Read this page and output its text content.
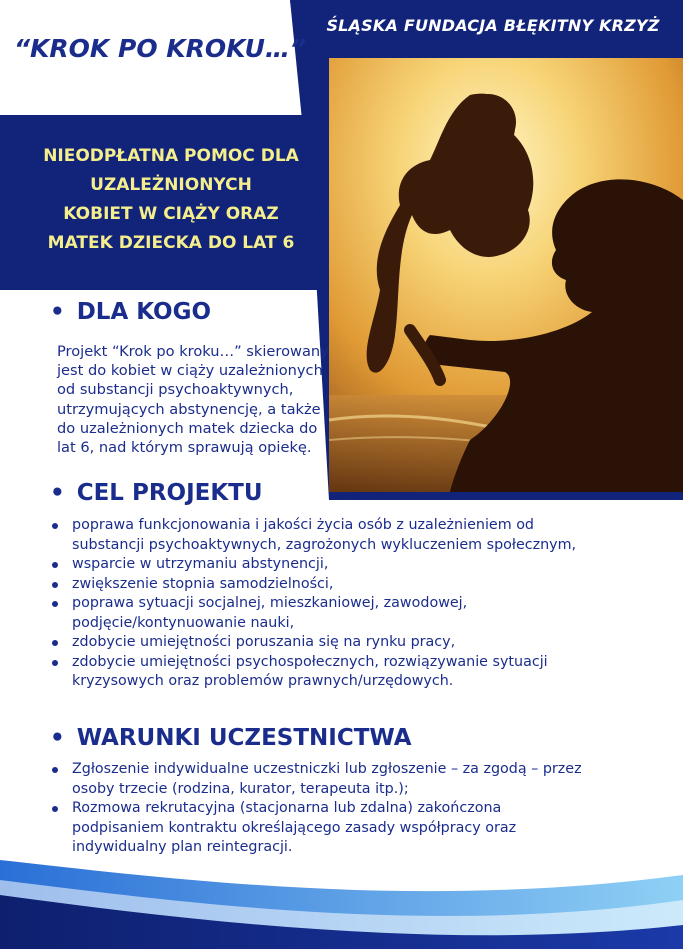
“KROK PO KROKU…”
ŚLĄSKA FUNDACJA BŁĘKITNY KRZYŻ
NIEODPŁATNA POMOC DLA
UZALEŻNIONYCH
KOBIET W CIĄŻY ORAZ
MATEK DZIECKA DO LAT 6
• DLA KOGO
Projekt “Krok po kroku…” skierowany
jest do kobiet w ciąży uzależnionych
od substancji psychoaktywnych,
utrzymujących abstynencję, a także
do uzależnionych matek dziecka do
lat 6, nad którym sprawują opiekę.
• CEL PROJEKTU
poprawa funkcjonowania i jakości życia osób z uzależnieniem od
substancji psychoaktywnych, zagrożonych wykluczeniem społecznym,
wsparcie w utrzymaniu abstynencji,
zwiększenie stopnia samodzielności,
poprawa sytuacji socjalnej, mieszkaniowej, zawodowej,
podjęcie/kontynuowanie nauki,
zdobycie umiejętności poruszania się na rynku pracy,
zdobycie umiejętności psychospołecznych, rozwiązywanie sytuacji
kryzysowych oraz problemów prawnych/urzędowych.
• WARUNKI UCZESTNICTWA
Zgłoszenie indywidualne uczestniczki lub zgłoszenie – za zgodą – przez
osoby trzecie (rodzina, kurator, terapeuta itp.);
Rozmowa rekrutacyjna (stacjonarna lub zdalna) zakończona
podpisaniem kontraktu określającego zasady współpracy oraz
indywidualny plan reintegracji.
